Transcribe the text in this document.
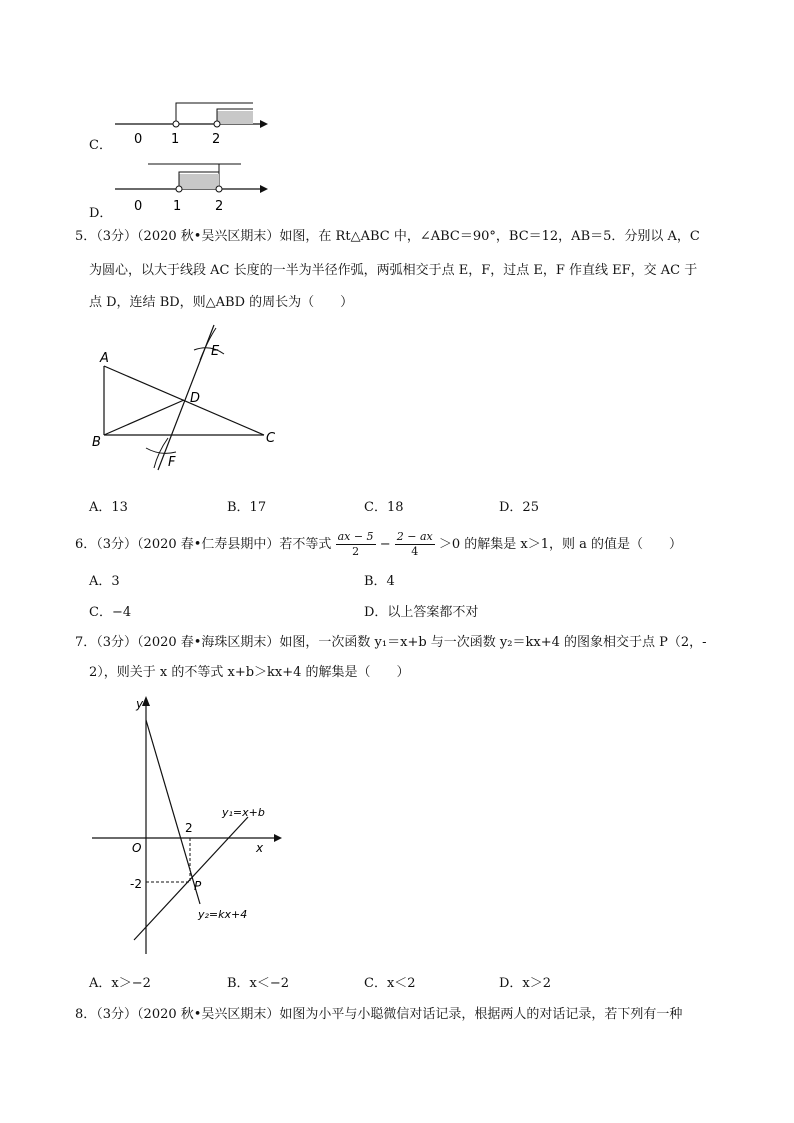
C． 0 1	2
D． 0 1	2
5．（3分）（2020 秋•吴兴区期末）如图，在 Rt△ABC 中，∠ABC＝90°，BC＝12，AB＝5．分别以 A，C
为圆心，以大于线段 AC 长度的一半为半径作弧，两弧相交于点 E，F，过点 E，F 作直线 EF，交 AC 于
点 D，连结 BD，则△ABD 的周长为（　　）
A
B	C
D
E
F
A．13	B．17	C．18	D．25
6．（3分）（2020 春•仁寿县期中）若不等式 $\frac{ax - 5}{2} - \frac{2 - ax}{4} >0$ 的解集是 x＞1，则 a 的值是（　　）
A．3	B．4
C．−4	D．以上答案都不对
7．（3分）（2020 春•海珠区期末）如图，一次函数 y₁＝x+b 与一次函数 y₂＝kx+4 的图象相交于点 P（2，-
2），则关于 x 的不等式 x+b＞kx+4 的解集是（　　）
y
x
O
2
-2	P
y₁=x+b
y₂=kx+4
A．x＞−2	B．x＜−2	C．x＜2	D．x＞2
8．（3分）（2020 秋•吴兴区期末）如图为小平与小聪微信对话记录，根据两人的对话记录，若下列有一种
